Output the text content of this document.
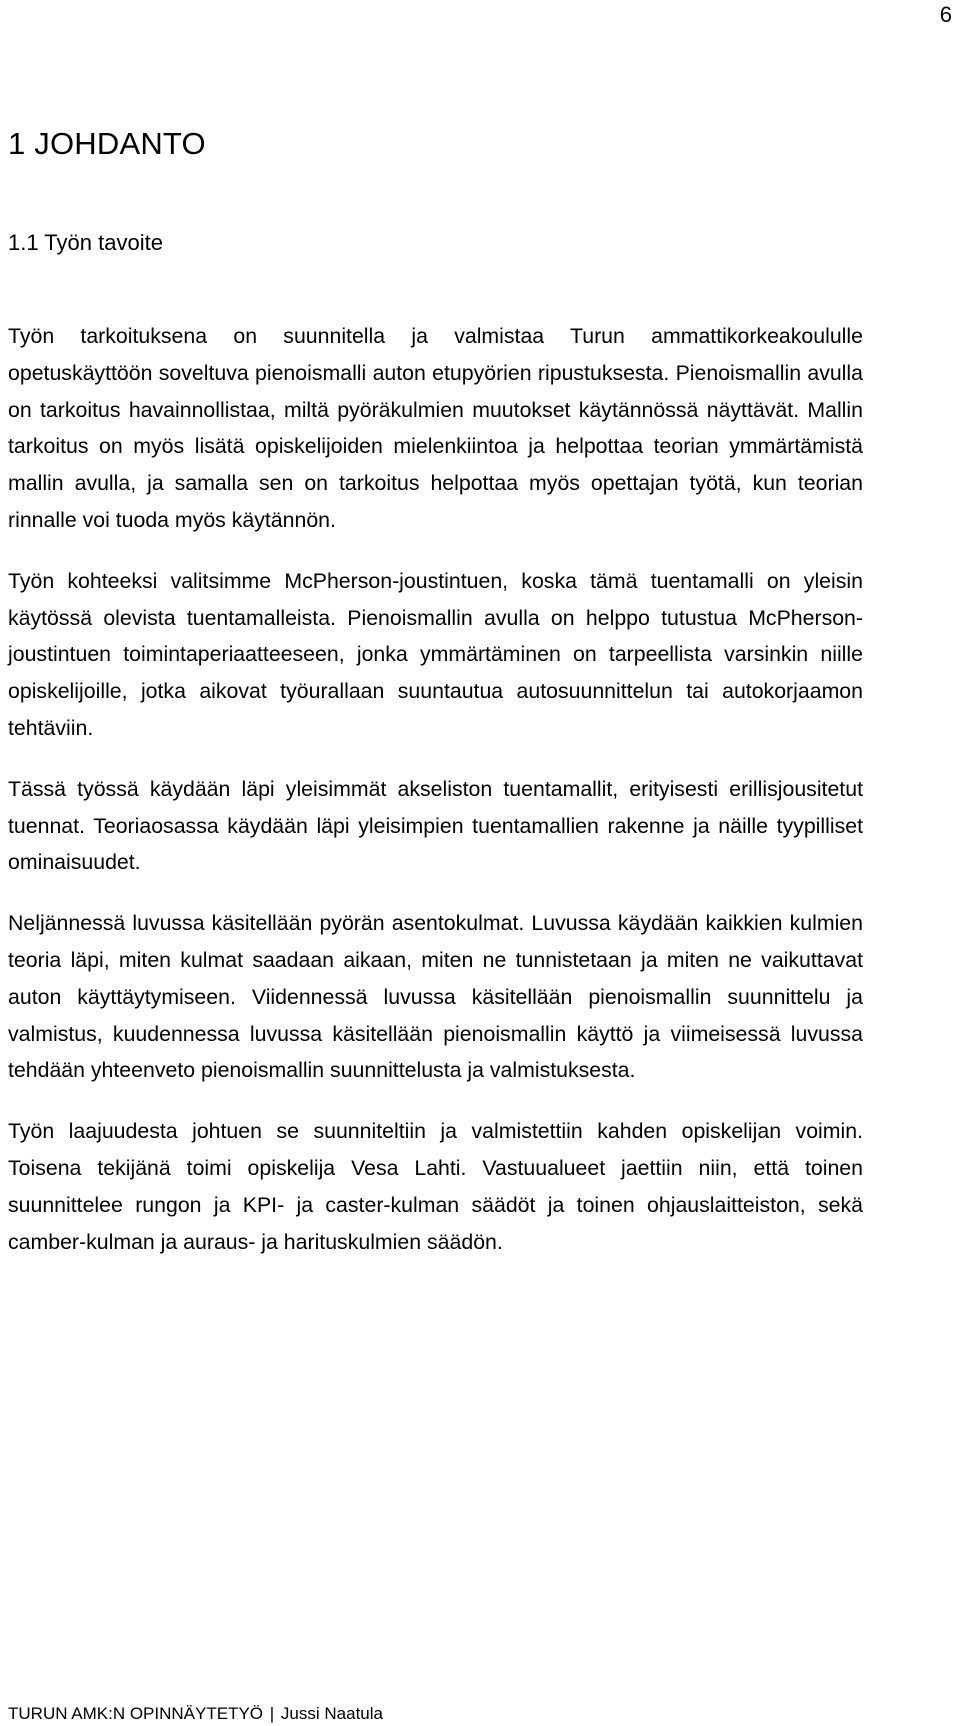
6
1 JOHDANTO
1.1 Työn tavoite

Työn tarkoituksena on suunnitella ja valmistaa Turun ammattikorkeakoululle opetuskäyttöön soveltuva pienoismalli auton etupyörien ripustuksesta. Pienoismallin avulla on tarkoitus havainnollistaa, miltä pyöräkulmien muutokset käytännössä näyttävät. Mallin tarkoitus on myös lisätä opiskelijoiden mielenkiintoa ja helpottaa teorian ymmärtämistä mallin avulla, ja samalla sen on tarkoitus helpottaa myös opettajan työtä, kun teorian rinnalle voi tuoda myös käytännön.

Työn kohteeksi valitsimme McPherson-joustintuen, koska tämä tuentamalli on yleisin käytössä olevista tuentamalleista. Pienoismallin avulla on helppo tutustua McPherson-joustintuen toimintaperiaatteeseen, jonka ymmärtäminen on tarpeellista varsinkin niille opiskelijoille, jotka aikovat työurallaan suuntautua autosuunnittelun tai autokorjaamon tehtäviin.

Tässä työssä käydään läpi yleisimmät akseliston tuentamallit, erityisesti erillisjousitetut tuennat. Teoriaosassa käydään läpi yleisimpien tuentamallien rakenne ja näille tyypilliset ominaisuudet.

Neljännessä luvussa käsitellään pyörän asentokulmat. Luvussa käydään kaikkien kulmien teoria läpi, miten kulmat saadaan aikaan, miten ne tunnistetaan ja miten ne vaikuttavat auton käyttäytymiseen. Viidennessä luvussa käsitellään pienoismallin suunnittelu ja valmistus, kuudennessa luvussa käsitellään pienoismallin käyttö ja viimeisessä luvussa tehdään yhteenveto pienoismallin suunnittelusta ja valmistuksesta.

Työn laajuudesta johtuen se suunniteltiin ja valmistettiin kahden opiskelijan voimin. Toisena tekijänä toimi opiskelija Vesa Lahti. Vastuualueet jaettiin niin, että toinen suunnittelee rungon ja KPI- ja caster-kulman säädöt ja toinen ohjauslaitteiston, sekä camber-kulman ja auraus- ja harituskulmien säädön.

TURUN AMK:N OPINNÄYTETYÖ | Jussi Naatula
